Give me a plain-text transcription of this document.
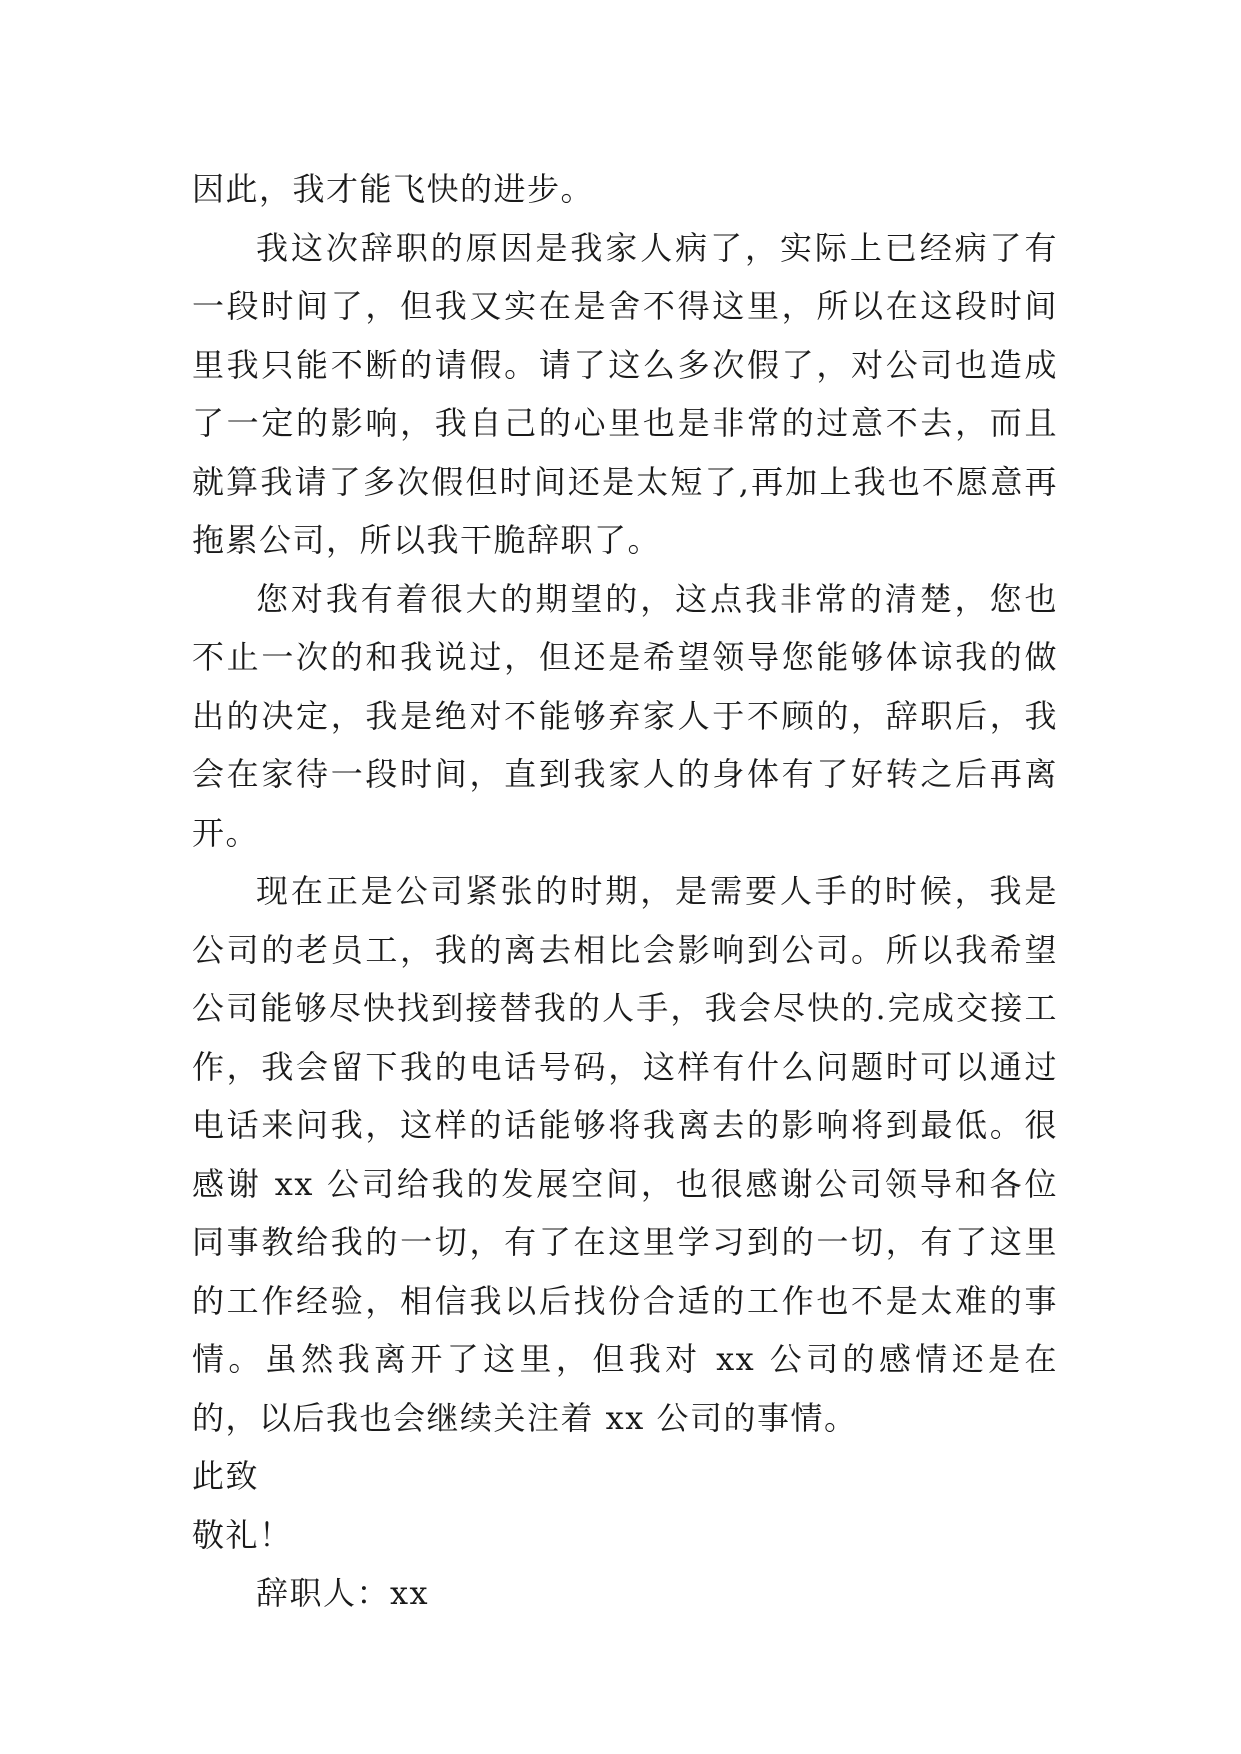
因此，我才能飞快的进步。

我这次辞职的原因是我家人病了，实际上已经病了有一段时间了，但我又实在是舍不得这里，所以在这段时间里我只能不断的请假。请了这么多次假了，对公司也造成了一定的影响，我自己的心里也是非常的过意不去，而且就算我请了多次假但时间还是太短了,再加上我也不愿意再拖累公司，所以我干脆辞职了。

您对我有着很大的期望的，这点我非常的清楚，您也不止一次的和我说过，但还是希望领导您能够体谅我的做出的决定，我是绝对不能够弃家人于不顾的，辞职后，我会在家待一段时间，直到我家人的身体有了好转之后再离开。

现在正是公司紧张的时期，是需要人手的时候，我是公司的老员工，我的离去相比会影响到公司。所以我希望公司能够尽快找到接替我的人手，我会尽快的.完成交接工作，我会留下我的电话号码，这样有什么问题时可以通过电话来问我，这样的话能够将我离去的影响将到最低。很感谢 xx 公司给我的发展空间，也很感谢公司领导和各位同事教给我的一切，有了在这里学习到的一切，有了这里的工作经验，相信我以后找份合适的工作也不是太难的事情。虽然我离开了这里，但我对 xx 公司的感情还是在的，以后我也会继续关注着 xx 公司的事情。

此致

敬礼！

辞职人：xx
